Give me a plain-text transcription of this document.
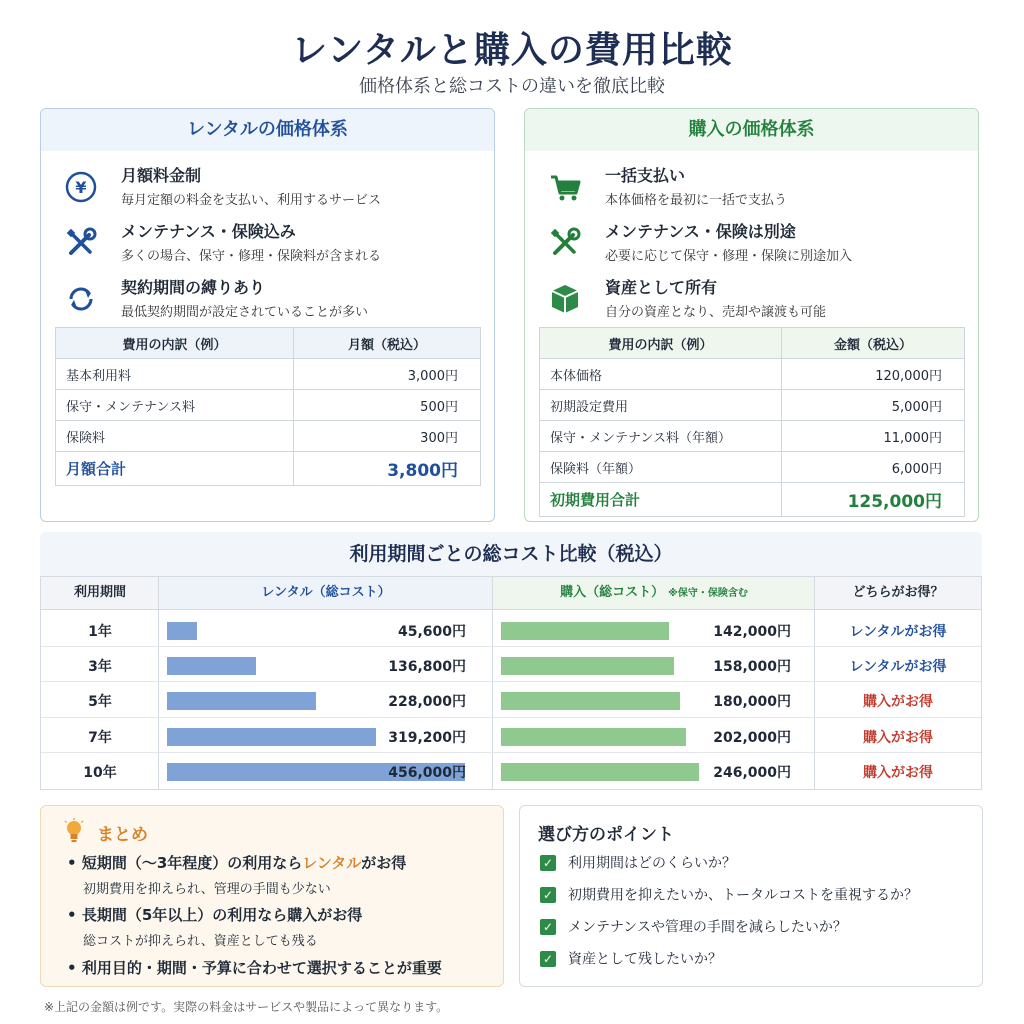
レンタルと購入の費用比較
価格体系と総コストの違いを徹底比較
レンタルの価格体系
¥
月額料金制
毎月定額の料金を支払い、利用するサービス
メンテナンス・保険込み
多くの場合、保守・修理・保険料が含まれる
契約期間の縛りあり
最低契約期間が設定されていることが多い
費用の内訳（例）	月額（税込）
基本利用料	3,000円
保守・メンテナンス料	500円
保険料	300円
月額合計	3,800円
購入の価格体系
一括支払い
本体価格を最初に一括で支払う
メンテナンス・保険は別途
必要に応じて保守・修理・保険に別途加入
資産として所有
自分の資産となり、売却や譲渡も可能
費用の内訳（例）	金額（税込）
本体価格	120,000円
初期設定費用	5,000円
保守・メンテナンス料（年額）	11,000円
保険料（年額）	6,000円
初期費用合計	125,000円
利用期間ごとの総コスト比較（税込）
利用期間	レンタル（総コスト）	購入（総コスト） ※保守・保険含む	どちらがお得？
1年	45,600円	142,000円	レンタルがお得
3年	136,800円	158,000円	レンタルがお得
5年	228,000円	180,000円	購入がお得
7年	319,200円	202,000円	購入がお得
10年	456,000円	246,000円	購入がお得
まとめ
• 短期間（〜3年程度）の利用ならレンタルがお得
初期費用を抑えられ、管理の手間も少ない
• 長期間（5年以上）の利用なら購入がお得
総コストが抑えられ、資産としても残る
• 利用目的・期間・予算に合わせて選択することが重要
選び方のポイント
✓ 利用期間はどのくらいか？
✓ 初期費用を抑えたいか、トータルコストを重視するか？
✓ メンテナンスや管理の手間を減らしたいか？
✓ 資産として残したいか？
※上記の金額は例です。実際の料金はサービスや製品によって異なります。
